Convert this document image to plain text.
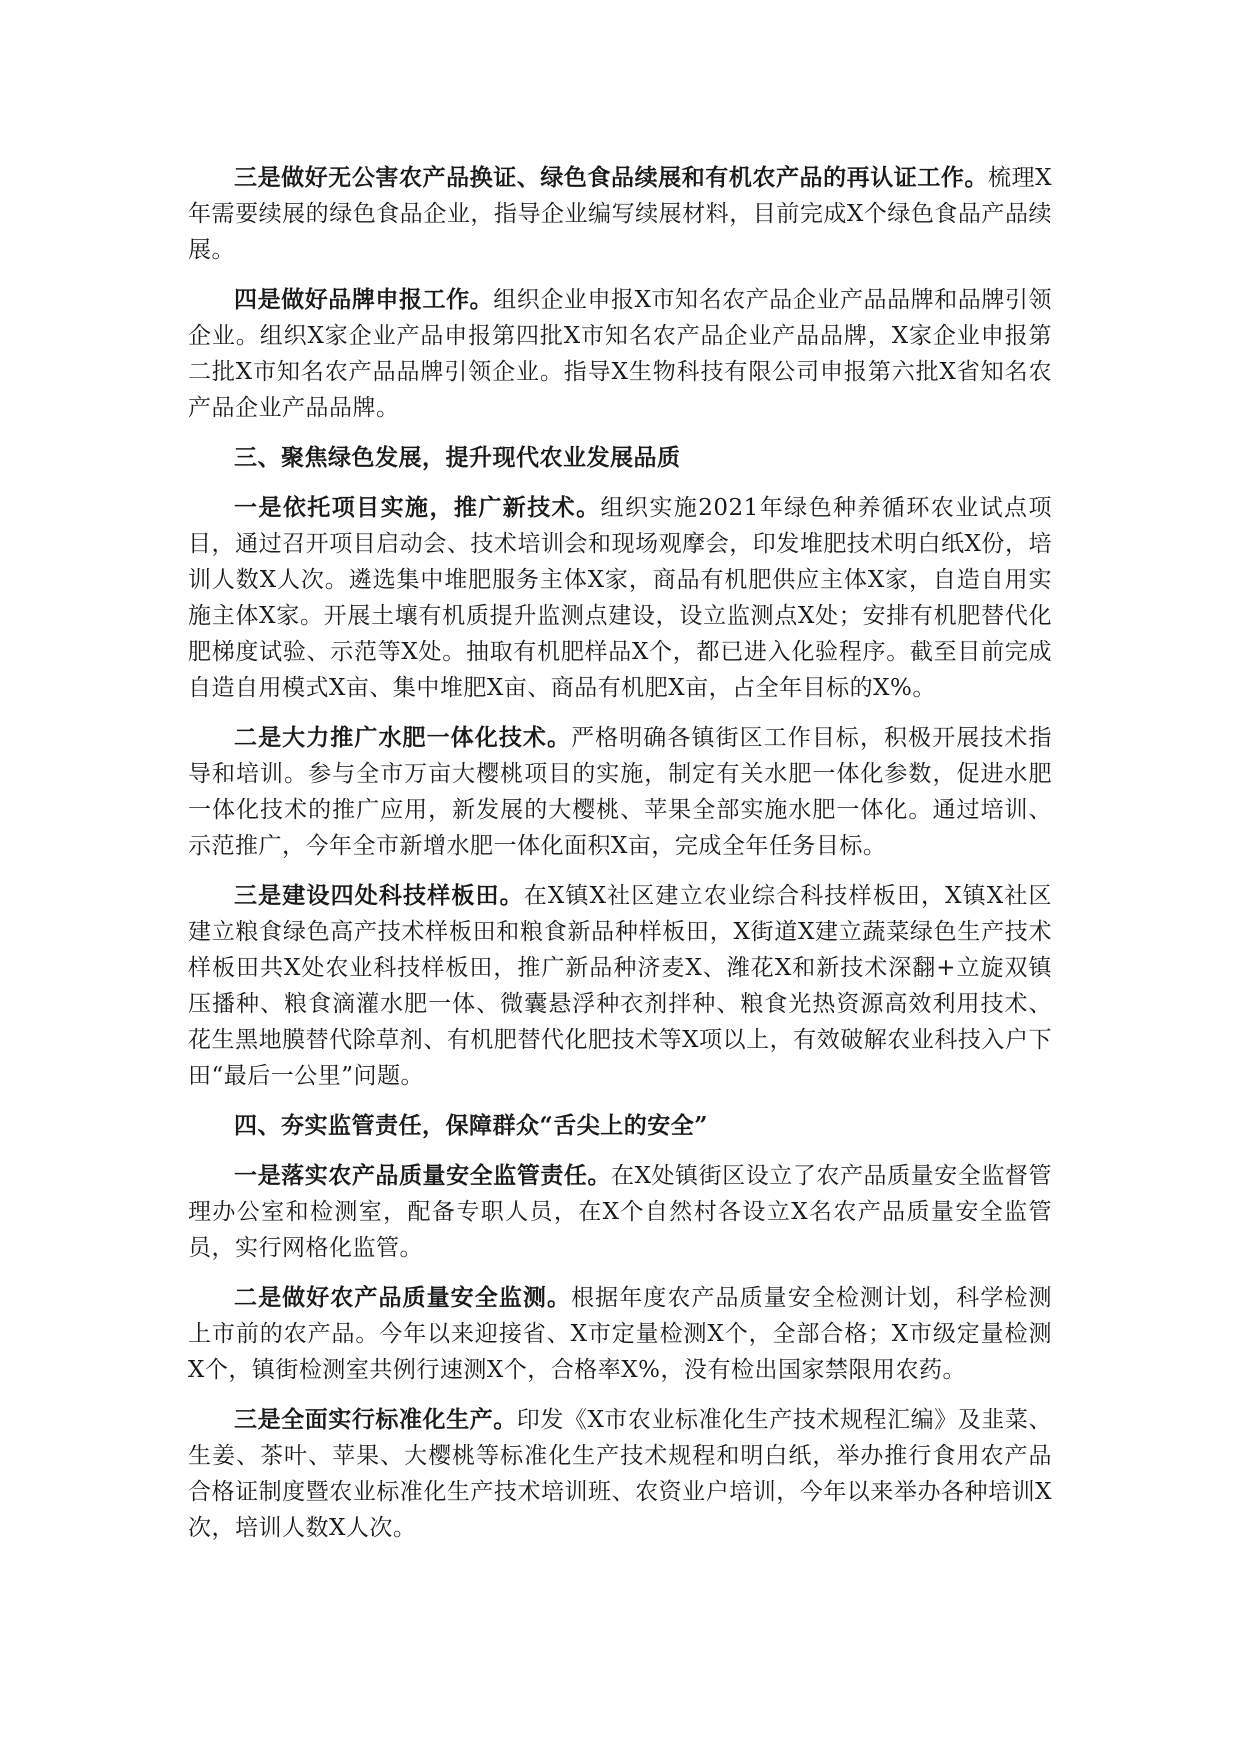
三是做好无公害农产品换证、绿色食品续展和有机农产品的再认证工作。梳理X年需要续展的绿色食品企业，指导企业编写续展材料，目前完成X个绿色食品产品续展。

四是做好品牌申报工作。组织企业申报X市知名农产品企业产品品牌和品牌引领企业。组织X家企业产品申报第四批X市知名农产品企业产品品牌，X家企业申报第二批X市知名农产品品牌引领企业。指导X生物科技有限公司申报第六批X省知名农产品企业产品品牌。

三、聚焦绿色发展，提升现代农业发展品质

一是依托项目实施，推广新技术。组织实施2021年绿色种养循环农业试点项目，通过召开项目启动会、技术培训会和现场观摩会，印发堆肥技术明白纸X份，培训人数X人次。遴选集中堆肥服务主体X家，商品有机肥供应主体X家，自造自用实施主体X家。开展土壤有机质提升监测点建设，设立监测点X处；安排有机肥替代化肥梯度试验、示范等X处。抽取有机肥样品X个，都已进入化验程序。截至目前完成自造自用模式X亩、集中堆肥X亩、商品有机肥X亩，占全年目标的X%。

二是大力推广水肥一体化技术。严格明确各镇街区工作目标，积极开展技术指导和培训。参与全市万亩大樱桃项目的实施，制定有关水肥一体化参数，促进水肥一体化技术的推广应用，新发展的大樱桃、苹果全部实施水肥一体化。通过培训、示范推广，今年全市新增水肥一体化面积X亩，完成全年任务目标。

三是建设四处科技样板田。在X镇X社区建立农业综合科技样板田，X镇X社区建立粮食绿色高产技术样板田和粮食新品种样板田，X街道X建立蔬菜绿色生产技术样板田共X处农业科技样板田，推广新品种济麦X、潍花X和新技术深翻+立旋双镇压播种、粮食滴灌水肥一体、微囊悬浮种衣剂拌种、粮食光热资源高效利用技术、花生黑地膜替代除草剂、有机肥替代化肥技术等X项以上，有效破解农业科技入户下田“最后一公里”问题。

四、夯实监管责任，保障群众“舌尖上的安全”

一是落实农产品质量安全监管责任。在X处镇街区设立了农产品质量安全监督管理办公室和检测室，配备专职人员，在X个自然村各设立X名农产品质量安全监管员，实行网格化监管。

二是做好农产品质量安全监测。根据年度农产品质量安全检测计划，科学检测上市前的农产品。今年以来迎接省、X市定量检测X个，全部合格；X市级定量检测X个，镇街检测室共例行速测X个，合格率X%，没有检出国家禁限用农药。

三是全面实行标准化生产。印发《X市农业标准化生产技术规程汇编》及韭菜、生姜、茶叶、苹果、大樱桃等标准化生产技术规程和明白纸，举办推行食用农产品合格证制度暨农业标准化生产技术培训班、农资业户培训，今年以来举办各种培训X次，培训人数X人次。
